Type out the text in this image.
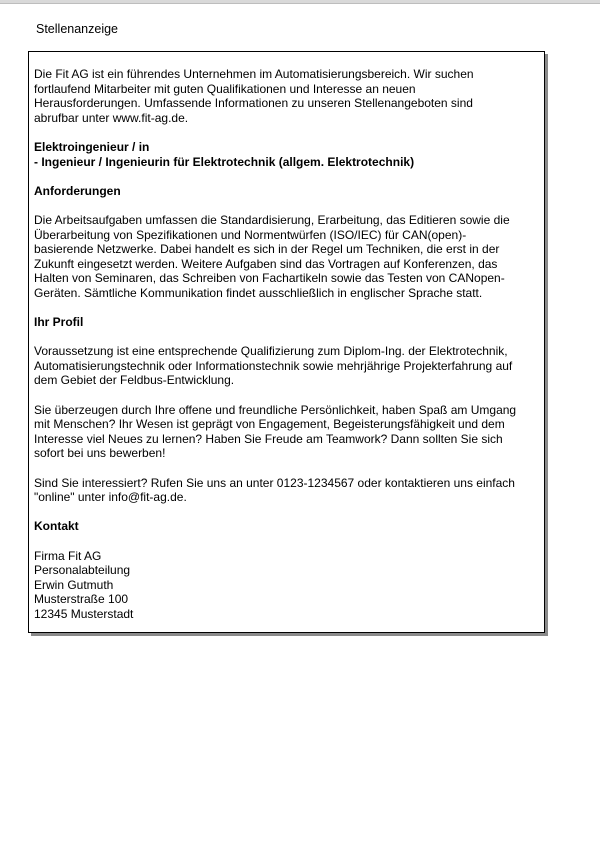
Stellenanzeige

Die Fit AG ist ein führendes Unternehmen im Automatisierungsbereich. Wir suchen
fortlaufend Mitarbeiter mit guten Qualifikationen und Interesse an neuen
Herausforderungen. Umfassende Informationen zu unseren Stellenangeboten sind
abrufbar unter www.fit-ag.de.

Elektroingenieur / in
- Ingenieur / Ingenieurin für Elektrotechnik (allgem. Elektrotechnik)

Anforderungen

Die Arbeitsaufgaben umfassen die Standardisierung, Erarbeitung, das Editieren sowie die
Überarbeitung von Spezifikationen und Normentwürfen (ISO/IEC) für CAN(open)-
basierende Netzwerke. Dabei handelt es sich in der Regel um Techniken, die erst in der
Zukunft eingesetzt werden. Weitere Aufgaben sind das Vortragen auf Konferenzen, das
Halten von Seminaren, das Schreiben von Fachartikeln sowie das Testen von CANopen-
Geräten. Sämtliche Kommunikation findet ausschließlich in englischer Sprache statt.

Ihr Profil

Voraussetzung ist eine entsprechende Qualifizierung zum Diplom-Ing. der Elektrotechnik,
Automatisierungstechnik oder Informationstechnik sowie mehrjährige Projekterfahrung auf
dem Gebiet der Feldbus-Entwicklung.

Sie überzeugen durch Ihre offene und freundliche Persönlichkeit, haben Spaß am Umgang
mit Menschen? Ihr Wesen ist geprägt von Engagement, Begeisterungsfähigkeit und dem
Interesse viel Neues zu lernen? Haben Sie Freude am Teamwork? Dann sollten Sie sich
sofort bei uns bewerben!

Sind Sie interessiert? Rufen Sie uns an unter 0123-1234567 oder kontaktieren uns einfach
"online" unter info@fit-ag.de.

Kontakt

Firma Fit AG
Personalabteilung
Erwin Gutmuth
Musterstraße 100
12345 Musterstadt
